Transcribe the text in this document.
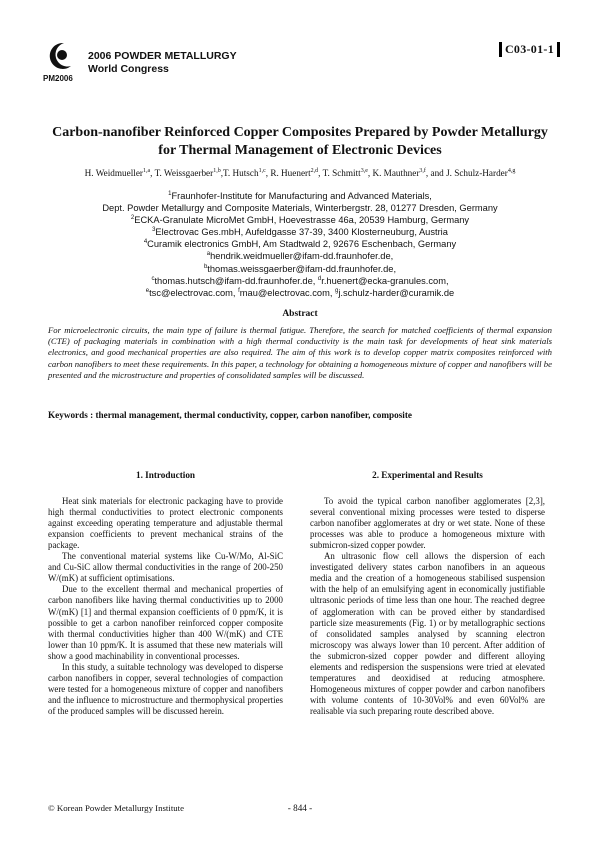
PM2006
2006 POWDER METALLURGY
World Congress
C03-01-1
Carbon-nanofiber Reinforced Copper Composites Prepared by Powder Metallurgy
for Thermal Management of Electronic Devices
H. Weidmueller$^{1,a}$, T. Weissgaerber$^{1,b}$,T. Hutsch$^{1,c}$, R. Huenert$^{2,d}$, T. Schmitt$^{3,e}$, K. Mauthner$^{3,f}$, and J. Schulz-Harder$^{4,g}$
$^1$Fraunhofer-Institute for Manufacturing and Advanced Materials,
Dept. Powder Metallurgy and Composite Materials, Winterbergstr. 28, 01277 Dresden, Germany
$^2$ECKA-Granulate MicroMet GmbH, Hoevestrasse 46a, 20539 Hamburg, Germany
$^3$Electrovac Ges.mbH, Aufeldgasse 37-39, 3400 Klosterneuburg, Austria
$^4$Curamik electronics GmbH, Am Stadtwald 2, 92676 Eschenbach, Germany
$^a$hendrik.weidmueller@ifam-dd.fraunhofer.de,
$^b$thomas.weissgaerber@ifam-dd.fraunhofer.de,
$^c$thomas.hutsch@ifam-dd.fraunhofer.de, $^d$r.huenert@ecka-granules.com,
$^e$tsc@electrovac.com, $^f$mau@electrovac.com, $^g$j.schulz-harder@curamik.de
Abstract
For microelectronic circuits, the main type of failure is thermal fatigue. Therefore, the search for matched coefficients of thermal expansion (CTE) of packaging materials in combination with a high thermal conductivity is the main task for developments of heat sink materials electronics, and good mechanical properties are also required. The aim of this work is to develop copper matrix composites reinforced with carbon nanofibers to meet these requirements. In this paper, a technology for obtaining a homogeneous mixture of copper and nanofibers will be presented and the microstructure and properties of consolidated samples will be discussed.
Keywords : thermal management, thermal conductivity, copper, carbon nanofiber, composite
1. Introduction

Heat sink materials for electronic packaging have to provide high thermal conductivities to protect electronic components against exceeding operating temperature and adjustable thermal expansion coefficients to prevent mechanical strains of the package.

The conventional material systems like Cu-W/Mo, Al-SiC and Cu-SiC allow thermal conductivities in the range of 200-250 W/(mK) at sufficient optimisations.

Due to the excellent thermal and mechanical properties of carbon nanofibers like having thermal conductivities up to 2000 W/(mK) [1] and thermal expansion coefficients of 0 ppm/K, it is possible to get a carbon nanofiber reinforced copper composite with thermal conductivities higher than 400 W/(mK) and CTE lower than 10 ppm/K. It is assumed that these new materials will show a good machinability in conventional processes.

In this study, a suitable technology was developed to disperse carbon nanofibers in copper, several technologies of compaction were tested for a homogeneous mixture of copper and nanofibers and the influence to microstructure and thermophysical properties of the produced samples will be discussed herein.

2. Experimental and Results

To avoid the typical carbon nanofiber agglomerates [2,3], several conventional mixing processes were tested to disperse carbon nanofiber agglomerates at dry or wet state. None of these processes was able to produce a homogeneous mixture with submicron-sized copper powder.

An ultrasonic flow cell allows the dispersion of each investigated delivery states carbon nanofibers in an aqueous media and the creation of a homogeneous stabilised suspension with the help of an emulsifying agent in economically justifiable ultrasonic periods of time less than one hour. The reached degree of agglomeration with can be proved either by standardised particle size measurements (Fig. 1) or by metallographic sections of consolidated samples analysed by scanning electron microscopy was always lower than 10 percent. After addition of the submicron-sized copper powder and different alloying elements and redispersion the suspensions were tried at elevated temperatures and deoxidised at reducing atmosphere. Homogeneous mixtures of copper powder and carbon nanofibers with volume contents of 10-30Vol% and even 60Vol% are realisable via such preparing route described above.

- 844 -
© Korean Powder Metallurgy Institute
